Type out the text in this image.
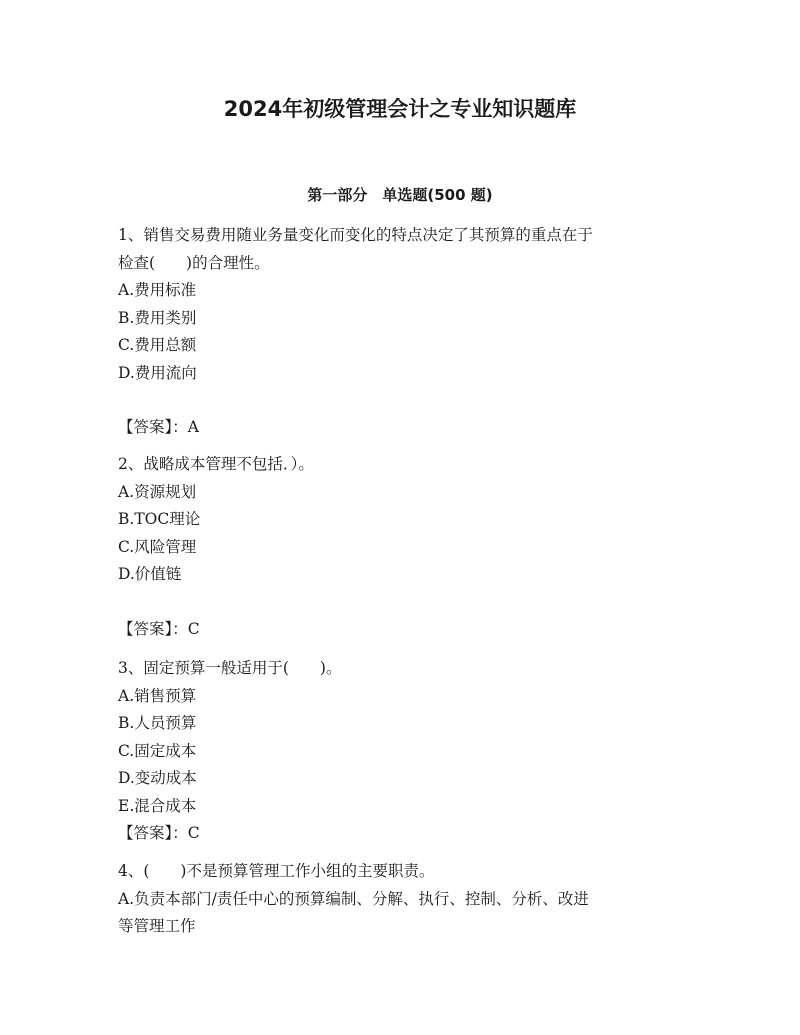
2024年初级管理会计之专业知识题库
第一部分　单选题(500 题)
1、销售交易费用随业务量变化而变化的特点决定了其预算的重点在于
检查(　　)的合理性。
A.费用标准
B.费用类别
C.费用总额
D.费用流向
【答案】：A
2、战略成本管理不包括．）。
A.资源规划
B.TOC理论
C.风险管理
D.价值链
【答案】：C
3、固定预算一般适用于(　　)。
A.销售预算
B.人员预算
C.固定成本
D.变动成本
E.混合成本
【答案】：C
4、(　　)不是预算管理工作小组的主要职责。
A.负责本部门/责任中心的预算编制、分解、执行、控制、分析、改进
等管理工作
